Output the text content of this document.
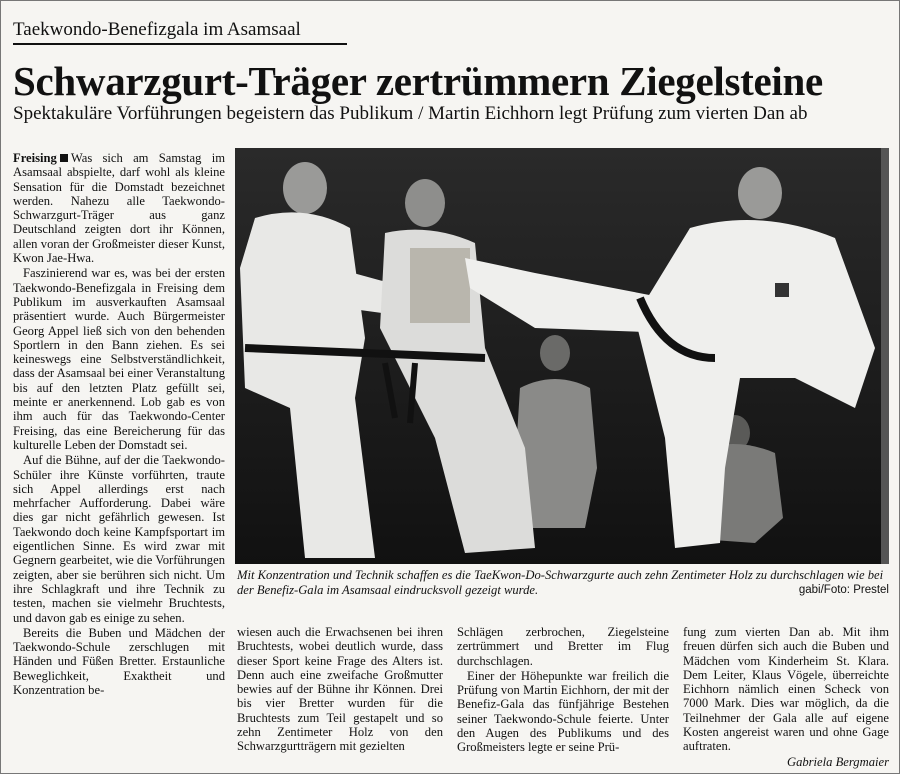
Taekwondo-Benefizgala im Asamsaal
Schwarzgurt-Träger zertrümmern Ziegelsteine
Spektakuläre Vorführungen begeistern das Publikum / Martin Eichhorn legt Prüfung zum vierten Dan ab

Freising Was sich am Samstag im Asamsaal abspielte, darf wohl als kleine Sensation für die Domstadt bezeichnet werden. Nahezu alle Taekwondo-Schwarzgurt-Träger aus ganz Deutschland zeigten dort ihr Können, allen voran der Großmeister dieser Kunst, Kwon Jae-Hwa.

Faszinierend war es, was bei der ersten Taekwondo-Benefizgala in Freising dem Publikum im ausverkauften Asamsaal präsentiert wurde. Auch Bürgermeister Georg Appel ließ sich von den behenden Sportlern in den Bann ziehen. Es sei keineswegs eine Selbstverständlichkeit, dass der Asamsaal bei einer Veranstaltung bis auf den letzten Platz gefüllt sei, meinte er anerkennend. Lob gab es von ihm auch für das Taekwondo-Center Freising, das eine Bereicherung für das kulturelle Leben der Domstadt sei.

Auf die Bühne, auf der die Taekwondo-Schüler ihre Künste vorführten, traute sich Appel allerdings erst nach mehrfacher Aufforderung. Dabei wäre dies gar nicht gefährlich gewesen. Ist Taekwondo doch keine Kampfsportart im eigentlichen Sinne. Es wird zwar mit Gegnern gearbeitet, wie die Vorführungen zeigten, aber sie berühren sich nicht. Um ihre Schlagkraft und ihre Technik zu testen, machen sie vielmehr Bruchtests, und davon gab es einige zu sehen.

Bereits die Buben und Mädchen der Taekwondo-Schule zerschlugen mit Händen und Füßen Bretter. Erstaunliche Beweglichkeit, Exaktheit und Konzentration be-

Mit Konzentration und Technik schaffen es die TaeKwon-Do-Schwarzgurte auch zehn Zentimeter Holz zu durchschlagen wie bei der Benefiz-Gala im Asamsaal eindrucksvoll gezeigt wurde.	gabi/Foto: Prestel

wiesen auch die Erwachsenen bei ihren Bruchtests, wobei deutlich wurde, dass dieser Sport keine Frage des Alters ist. Denn auch eine zweifache Großmutter bewies auf der Bühne ihr Können. Drei bis vier Bretter wurden für die Bruchtests zum Teil gestapelt und so zehn Zentimeter Holz von den Schwarzgurtträgern mit gezielten

Schlägen zerbrochen, Ziegelsteine zertrümmert und Bretter im Flug durchschlagen.

Einer der Höhepunkte war freilich die Prüfung von Martin Eichhorn, der mit der Benefiz-Gala das fünfjährige Bestehen seiner Taekwondo-Schule feierte. Unter den Augen des Publikums und des Großmeisters legte er seine Prü-

fung zum vierten Dan ab. Mit ihm freuen dürfen sich auch die Buben und Mädchen vom Kinderheim St. Klara. Dem Leiter, Klaus Vögele, überreichte Eichhorn nämlich einen Scheck von 7000 Mark. Dies war möglich, da die Teilnehmer der Gala alle auf eigene Kosten angereist waren und ohne Gage auftraten.

Gabriela Bergmaier
